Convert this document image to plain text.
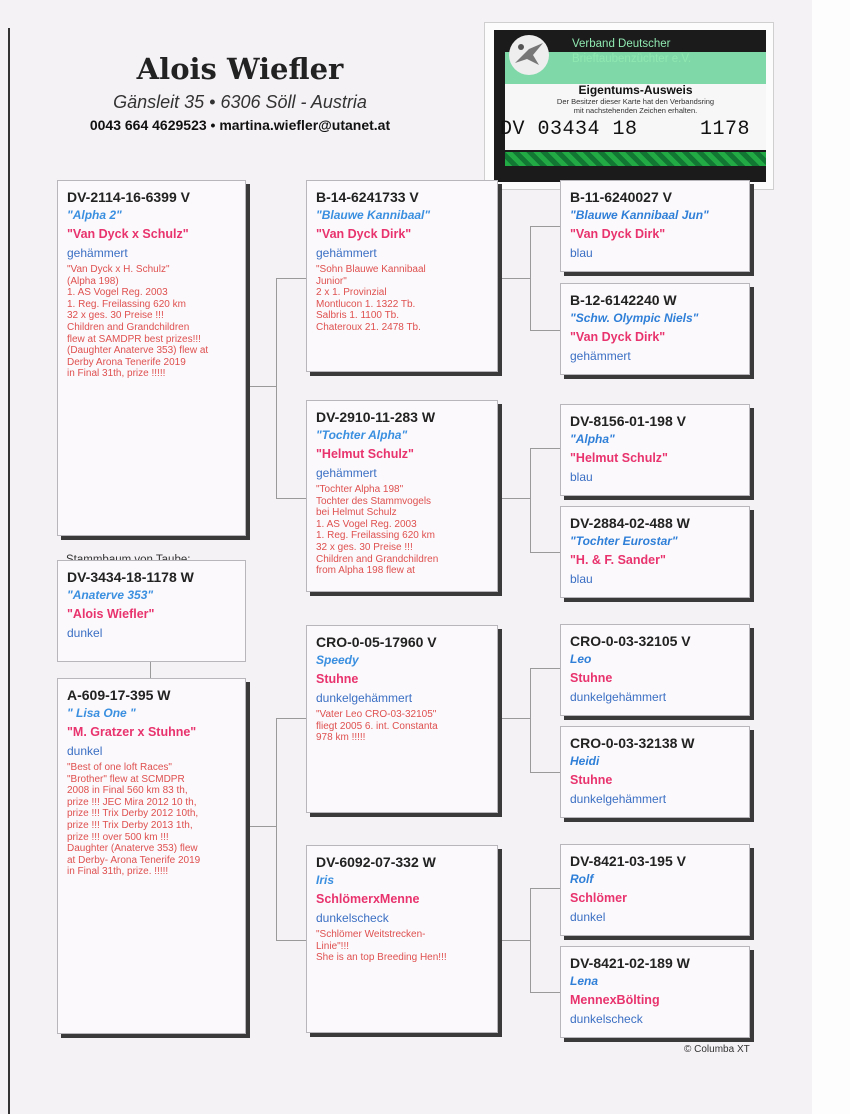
Alois Wiefler
Gänsleit 35 • 6306 Söll - Austria
0043 664 4629523 • martina.wiefler@utanet.at
Verband Deutscher
Brieftaubenzüchter e.V.
Eigentums-Ausweis
Der Besitzer dieser Karte hat den Verbandsring
mit nachstehenden Zeichen erhalten.
DV 03434 18     1178
DV-2114-16-6399 V
"Alpha 2"
"Van Dyck x Schulz"
gehämmert
"Van Dyck x H. Schulz"
(Alpha 198)
1. AS Vogel Reg. 2003
1. Reg. Freilassing 620 km
32 x ges. 30 Preise !!!
Children and Grandchildren
flew at SAMDPR best prizes!!!
(Daughter Anaterve 353) flew at
Derby Arona Tenerife 2019
in Final 31th, prize !!!!!
DV-3434-18-1178 W
"Anaterve 353"
"Alois Wiefler"
dunkel
A-609-17-395 W
" Lisa One "
"M. Gratzer x Stuhne"
dunkel
"Best of one loft Races"
"Brother" flew at SCMDPR
2008 in Final 560 km 83 th,
prize !!! JEC Mira 2012 10 th,
prize !!! Trix Derby 2012 10th,
prize !!! Trix Derby 2013 1th,
prize !!! over 500 km !!!
Daughter (Anaterve 353) flew
at Derby- Arona Tenerife 2019
in Final 31th, prize. !!!!!
B-14-6241733 V
"Blauwe Kannibaal"
"Van Dyck Dirk"
gehämmert
"Sohn Blauwe Kannibaal
Junior"
2 x 1. Provinzial
Montlucon 1. 1322 Tb.
Salbris 1. 1100 Tb.
Chateroux 21. 2478 Tb.
DV-2910-11-283 W
"Tochter Alpha"
"Helmut Schulz"
gehämmert
"Tochter Alpha 198"
Tochter des Stammvogels
bei Helmut Schulz
1. AS Vogel Reg. 2003
1. Reg. Freilassing 620 km
32 x ges. 30 Preise !!!
Children and Grandchildren
from Alpha 198 flew at
CRO-0-05-17960 V
Speedy
Stuhne
dunkelgehämmert
"Vater Leo CRO-03-32105"
fliegt 2005 6. int. Constanta
978 km !!!!!
DV-6092-07-332 W
Iris
SchlömerxMenne
dunkelscheck
"Schlömer Weitstrecken-
Linie"!!!
She is an top Breeding Hen!!!
B-11-6240027 V
"Blauwe Kannibaal Jun"
"Van Dyck Dirk"
blau
B-12-6142240 W
"Schw. Olympic Niels"
"Van Dyck Dirk"
gehämmert
DV-8156-01-198 V
"Alpha"
"Helmut Schulz"
blau
DV-2884-02-488 W
"Tochter Eurostar"
"H. & F. Sander"
blau
CRO-0-03-32105 V
Leo
Stuhne
dunkelgehämmert
CRO-0-03-32138 W
Heidi
Stuhne
dunkelgehämmert
DV-8421-03-195 V
Rolf
Schlömer
dunkel
DV-8421-02-189 W
Lena
MennexBölting
dunkelscheck
© Columba XT
